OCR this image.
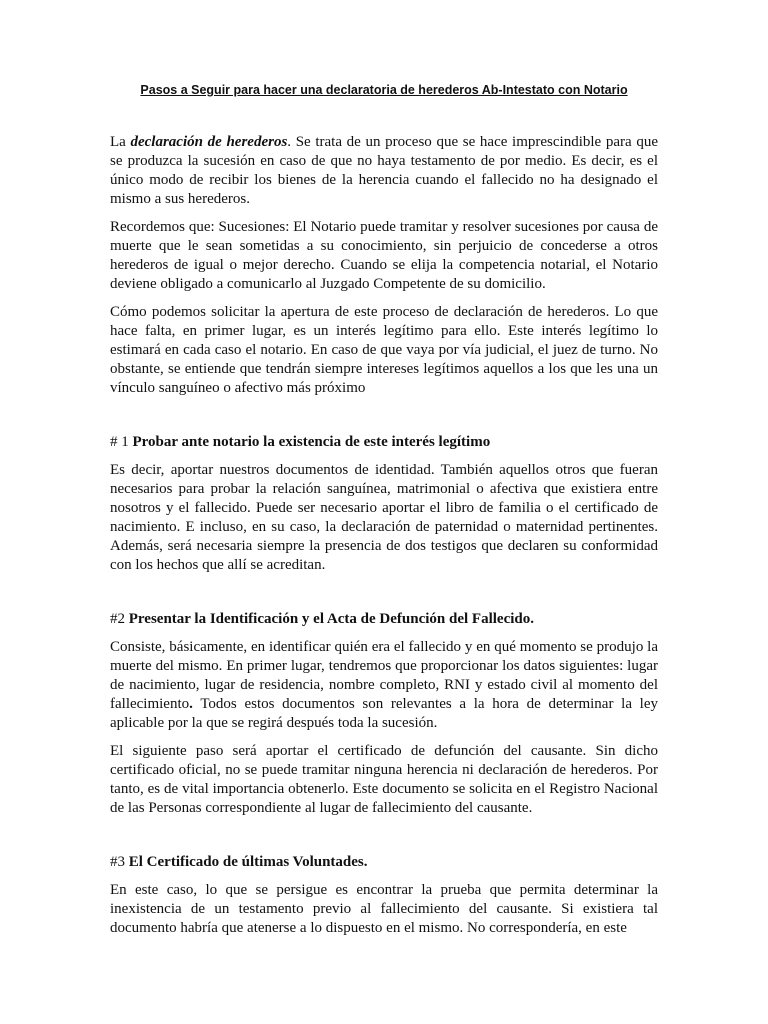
Pasos a Seguir para hacer una declaratoria de herederos Ab-Intestato con Notario

La declaración de herederos. Se trata de un proceso que se hace imprescindible para que se produzca la sucesión en caso de que no haya testamento de por medio. Es decir, es el único modo de recibir los bienes de la herencia cuando el fallecido no ha designado el mismo a sus herederos.

Recordemos que: Sucesiones: El Notario puede tramitar y resolver sucesiones por causa de muerte que le sean sometidas a su conocimiento, sin perjuicio de concederse a otros herederos de igual o mejor derecho. Cuando se elija la competencia notarial, el Notario deviene obligado a comunicarlo al Juzgado Competente de su domicilio.

Cómo podemos solicitar la apertura de este proceso de declaración de herederos. Lo que hace falta, en primer lugar, es un interés legítimo para ello. Este interés legítimo lo estimará en cada caso el notario. En caso de que vaya por vía judicial, el juez de turno. No obstante, se entiende que tendrán siempre intereses legítimos aquellos a los que les una un vínculo sanguíneo o afectivo más próximo

# 1 Probar ante notario la existencia de este interés legítimo

Es decir, aportar nuestros documentos de identidad. También aquellos otros que fueran necesarios para probar la relación sanguínea, matrimonial o afectiva que existiera entre nosotros y el fallecido. Puede ser necesario aportar el libro de familia o el certificado de nacimiento. E incluso, en su caso, la declaración de paternidad o maternidad pertinentes. Además, será necesaria siempre la presencia de dos testigos que declaren su conformidad con los hechos que allí se acreditan.

#2 Presentar la Identificación y el Acta de Defunción del Fallecido.

Consiste, básicamente, en identificar quién era el fallecido y en qué momento se produjo la muerte del mismo. En primer lugar, tendremos que proporcionar los datos siguientes: lugar de nacimiento, lugar de residencia, nombre completo, RNI y estado civil al momento del fallecimiento. Todos estos documentos son relevantes a la hora de determinar la ley aplicable por la que se regirá después toda la sucesión.

El siguiente paso será aportar el certificado de defunción del causante. Sin dicho certificado oficial, no se puede tramitar ninguna herencia ni declaración de herederos. Por tanto, es de vital importancia obtenerlo. Este documento se solicita en el Registro Nacional de las Personas correspondiente al lugar de fallecimiento del causante.

#3 El Certificado de últimas Voluntades.

En este caso, lo que se persigue es encontrar la prueba que permita determinar la inexistencia de un testamento previo al fallecimiento del causante. Si existiera tal documento habría que atenerse a lo dispuesto en el mismo. No correspondería, en este
